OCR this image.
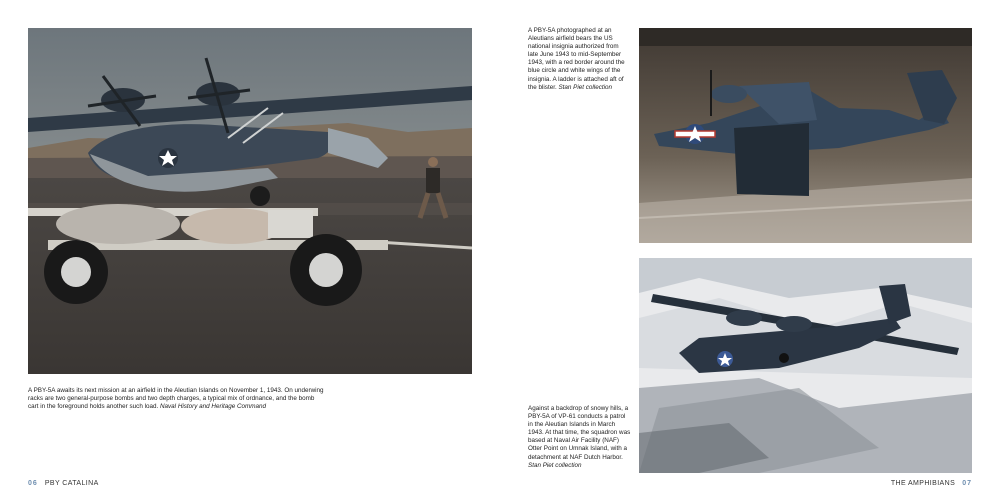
A PBY-5A awaits its next mission at an airfield in the Aleutian Islands on November 1, 1943. On underwing racks are two general-purpose bombs and two depth charges, a typical mix of ordnance, and the bomb cart in the foreground holds another such load. Naval History and Heritage Command
06 PBY CATALINA
A PBY-5A photographed at an Aleutians airfield bears the US national insignia authorized from late June 1943 to mid-September 1943, with a red border around the blue circle and white wings of the insignia. A ladder is attached aft of the blister. Stan Piet collection
Against a backdrop of snowy hills, a PBY-5A of VP-61 conducts a patrol in the Aleutian Islands in March 1943. At that time, the squadron was based at Naval Air Facility (NAF) Otter Point on Umnak Island, with a detachment at NAF Dutch Harbor. Stan Piet collection
THE AMPHIBIANS 07
